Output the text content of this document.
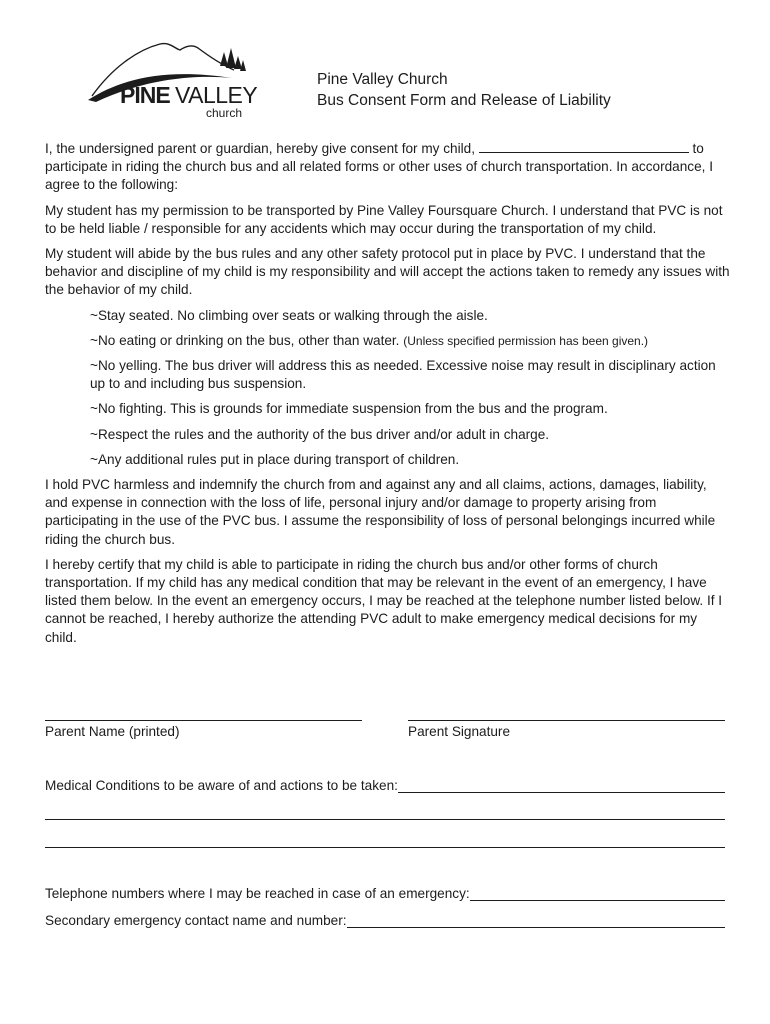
PINE VALLEY
church
Pine Valley Church
Bus Consent Form and Release of Liability

I, the undersigned parent or guardian, hereby give consent for my child,	to participate in riding the church bus and all related forms or other uses of church transportation. In accordance, I agree to the following:

My student has my permission to be transported by Pine Valley Foursquare Church. I understand that PVC is not to be held liable / responsible for any accidents which may occur during the transportation of my child.

My student will abide by the bus rules and any other safety protocol put in place by PVC. I understand that the behavior and discipline of my child is my responsibility and will accept the actions taken to remedy any issues with the behavior of my child.

~Stay seated. No climbing over seats or walking through the aisle.
~No eating or drinking on the bus, other than water. (Unless specified permission has been given.)
~No yelling. The bus driver will address this as needed. Excessive noise may result in disciplinary action up to and including bus suspension.
~No fighting. This is grounds for immediate suspension from the bus and the program.
~Respect the rules and the authority of the bus driver and/or adult in charge.
~Any additional rules put in place during transport of children.

I hold PVC harmless and indemnify the church from and against any and all claims, actions, damages, liability, and expense in connection with the loss of life, personal injury and/or damage to property arising from participating in the use of the PVC bus. I assume the responsibility of loss of personal belongings incurred while riding the church bus.

I hereby certify that my child is able to participate in riding the church bus and/or other forms of church transportation. If my child has any medical condition that may be relevant in the event of an emergency, I have listed them below. In the event an emergency occurs, I may be reached at the telephone number listed below. If I cannot be reached, I hereby authorize the attending PVC adult to make emergency medical decisions for my child.

Parent Name (printed)	Parent Signature
Medical Conditions to be aware of and actions to be taken:
Telephone numbers where I may be reached in case of an emergency:
Secondary emergency contact name and number:
